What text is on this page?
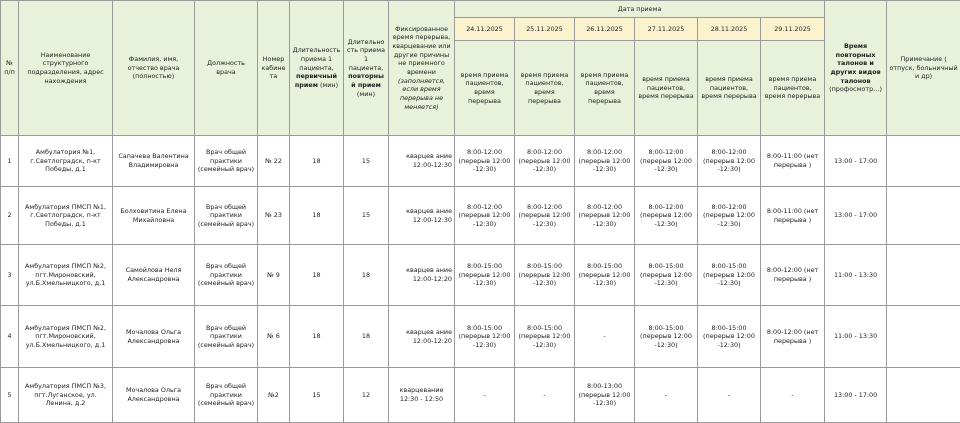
№ п/п	Наименование структурного подразделения, адрес нахождения	Фамилия, имя, отчество врача (полностью)	Должность врача	Номер кабинета	Длительность приема 1 пациента, первичный прием (мин)	Длительность приема 1 пациента, повторный прием (мин)	Фиксированное время перерыва, кварцевание или другие причины не приемного времени (заполняется, если время перерыва не меняется)	Дата приема						Время повторных талонов и других видов талонов (профосмотр…)	Примечание ( отпуск, больничный и др)
								24.11.2025	25.11.2025	26.11.2025	27.11.2025	28.11.2025	29.11.2025		
								время приема пациентов, время перерыва	время приема пациентов, время перерыва	время приема пациентов, время перерыва	время приема пациентов, время перерыва	время приема пациентов, время перерыва	время приема пациентов, время перерыва		
1	Амбулатория №1, г.Светлоградск, п-кт Победы, д.1	Сапачева Валентина Владимировна	Врач общей практики (семейный врач)	№ 22	18	15	кварцев ание 12:00-12:30	8:00-12:00 (перерыв 12:00 -12:30)	8:00-12:00 (перерыв 12:00 -12:30)	8:00-12:00 (перерыв 12:00 -12:30)	8:00-12:00 (перерыв 12:00 -12:30)	8:00-12:00 (перерыв 12:00 -12:30)	8:00-11:00 (нет перерыва )	13:00 - 17:00	
2	Амбулатория ПМСП №1, г.Светлоградск, п-кт Победы, д.1	Болховитина Елена Михайловна	Врач общей практики (семейный врач)	№ 23	18	15	кварцев ание 12:00-12:30	8:00-12:00 (перерыв 12:00 -12:30)	8:00-12:00 (перерыв 12:00 -12:30)	8:00-12:00 (перерыв 12:00 -12:30)	8:00-12:00 (перерыв 12:00 -12:30)	8:00-12:00 (перерыв 12:00 -12:30)	8:00-11:00 (нет перерыва )	13:00 - 17:00	
3	Амбулатория ПМСП №2, пгт.Мироновский, ул.Б.Хмельницкого, д.1	Самойлова Неля Александровна	Врач общей практики (семейный врач)	№ 9	18	18	кварцев ание 12:00-12:20	8:00-15:00 (перерыв 12:00 -12:30)	8:00-15:00 (перерыв 12:00 -12:30)	8:00-15:00 (перерыв 12:00 -12:30)	8:00-15:00 (перерыв 12:00 -12:30)	8:00-15:00 (перерыв 12:00 -12:30)	8:00-12:00 (нет перерыва )	11:00 - 13:30	
4	Амбулатория ПМСП №2, пгт.Мироновский, ул.Б.Хмельницкого, д.1	Мочалова Ольга Александровна	Врач общей практики (семейный врач)	№ 6	18	18	кварцев ание 12:00-12:20	8:00-15:00 (перерыв 12:00 -12:30)	8:00-15:00 (перерыв 12:00 -12:30)	-	8:00-15:00 (перерыв 12:00 -12:30)	8:00-15:00 (перерыв 12:00 -12:30)	8:00-12:00 (нет перерыва )	11:00 - 13:30	
5	Амбулатория ПМСП №3, пгт.Луганское, ул. Ленина, д.2	Мочалова Ольга Александровна	Врач общей практики (семейный врач)	№2	15	12	кварцевание 12:30 - 12:50	-	-	8:00-13:00 (перерыв 12:00 -12:30)	-	-	-	13:00 - 17:00	
